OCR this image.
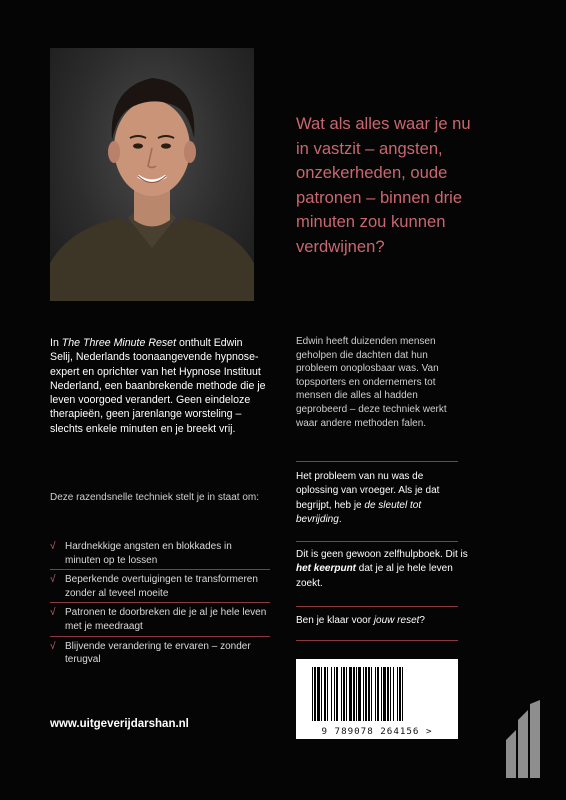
Wat als alles waar je nu in vastzit – angsten, onzekerheden, oude patronen – binnen drie minuten zou kunnen verdwijnen?

In The Three Minute Reset onthult Edwin Selij, Nederlands toonaangevende hypnose-expert en oprichter van het Hypnose Instituut Nederland, een baanbrekende methode die je leven voorgoed verandert. Geen eindeloze therapieën, geen jarenlange worsteling – slechts enkele minuten en je breekt vrij.

Deze razendsnelle techniek stelt je in staat om:

√ Hardnekkige angsten en blokkades in minuten op te lossen
√ Beperkende overtuigingen te transformeren zonder al teveel moeite
√ Patronen te doorbreken die je al je hele leven met je meedraagt
√ Blijvende verandering te ervaren – zonder terugval
www.uitgeverijdarshan.nl

Edwin heeft duizenden mensen geholpen die dachten dat hun probleem onoplosbaar was. Van topsporters en ondernemers tot mensen die alles al hadden geprobeerd – deze techniek werkt waar andere methoden falen.

Het probleem van nu was de oplossing van vroeger. Als je dat begrijpt, heb je de sleutel tot bevrijding.

Dit is geen gewoon zelfhulpboek. Dit is het keerpunt dat je al je hele leven zoekt.

Ben je klaar voor jouw reset?

9 789078 264156 >
